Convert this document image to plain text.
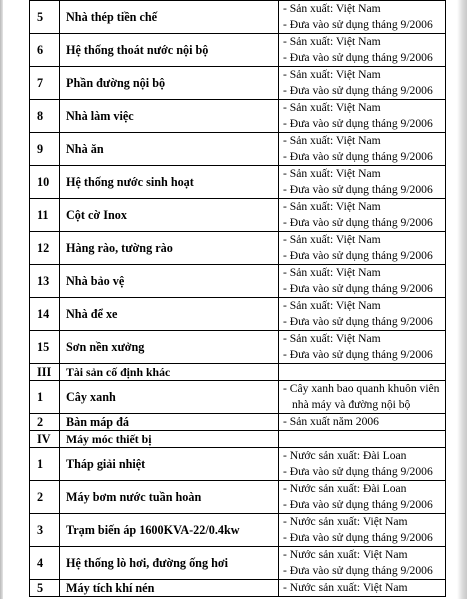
5	Nhà thép tiền chế	- Sản xuất: Việt Nam
- Đưa vào sử dụng tháng 9/2006

6	Hệ thống thoát nước nội bộ	- Sản xuất: Việt Nam
- Đưa vào sử dụng tháng 9/2006

7	Phần đường nội bộ	- Sản xuất: Việt Nam
- Đưa vào sử dụng tháng 9/2006

8	Nhà làm việc	- Sản xuất: Việt Nam
- Đưa vào sử dụng tháng 9/2006

9	Nhà ăn	- Sản xuất: Việt Nam
- Đưa vào sử dụng tháng 9/2006

10	Hệ thống nước sinh hoạt	- Sản xuất: Việt Nam
- Đưa vào sử dụng tháng 9/2006

11	Cột cờ Inox	- Sản xuất: Việt Nam
- Đưa vào sử dụng tháng 9/2006

12	Hàng rào, tường rào	- Sản xuất: Việt Nam
- Đưa vào sử dụng tháng 9/2006

13	Nhà bảo vệ	- Sản xuất: Việt Nam
- Đưa vào sử dụng tháng 9/2006

14	Nhà để xe	- Sản xuất: Việt Nam
- Đưa vào sử dụng tháng 9/2006

15	Sơn nền xưởng	- Sản xuất: Việt Nam
- Đưa vào sử dụng tháng 9/2006

III	Tài sản cố định khác	
1	Cây xanh	- Cây xanh bao quanh khuôn viên
nhà máy và đường nội bộ

2	Bàn máp đá	- Sản xuất năm 2006

IV	Máy móc thiết bị	
1	Tháp giải nhiệt	- Nước sản xuất: Đài Loan
- Đưa vào sử dụng tháng 9/2006

2	Máy bơm nước tuần hoàn	- Nước sản xuất: Đài Loan
- Đưa vào sử dụng tháng 9/2006

3	Trạm biến áp 1600KVA-22/0.4kw	- Nước sản xuất: Việt Nam
- Đưa vào sử dụng tháng 9/2006

4	Hệ thống lò hơi, đường ống hơi	- Nước sản xuất: Việt Nam
- Đưa vào sử dụng tháng 9/2006

5	Máy tích khí nén	- Nước sản xuất: Việt Nam
